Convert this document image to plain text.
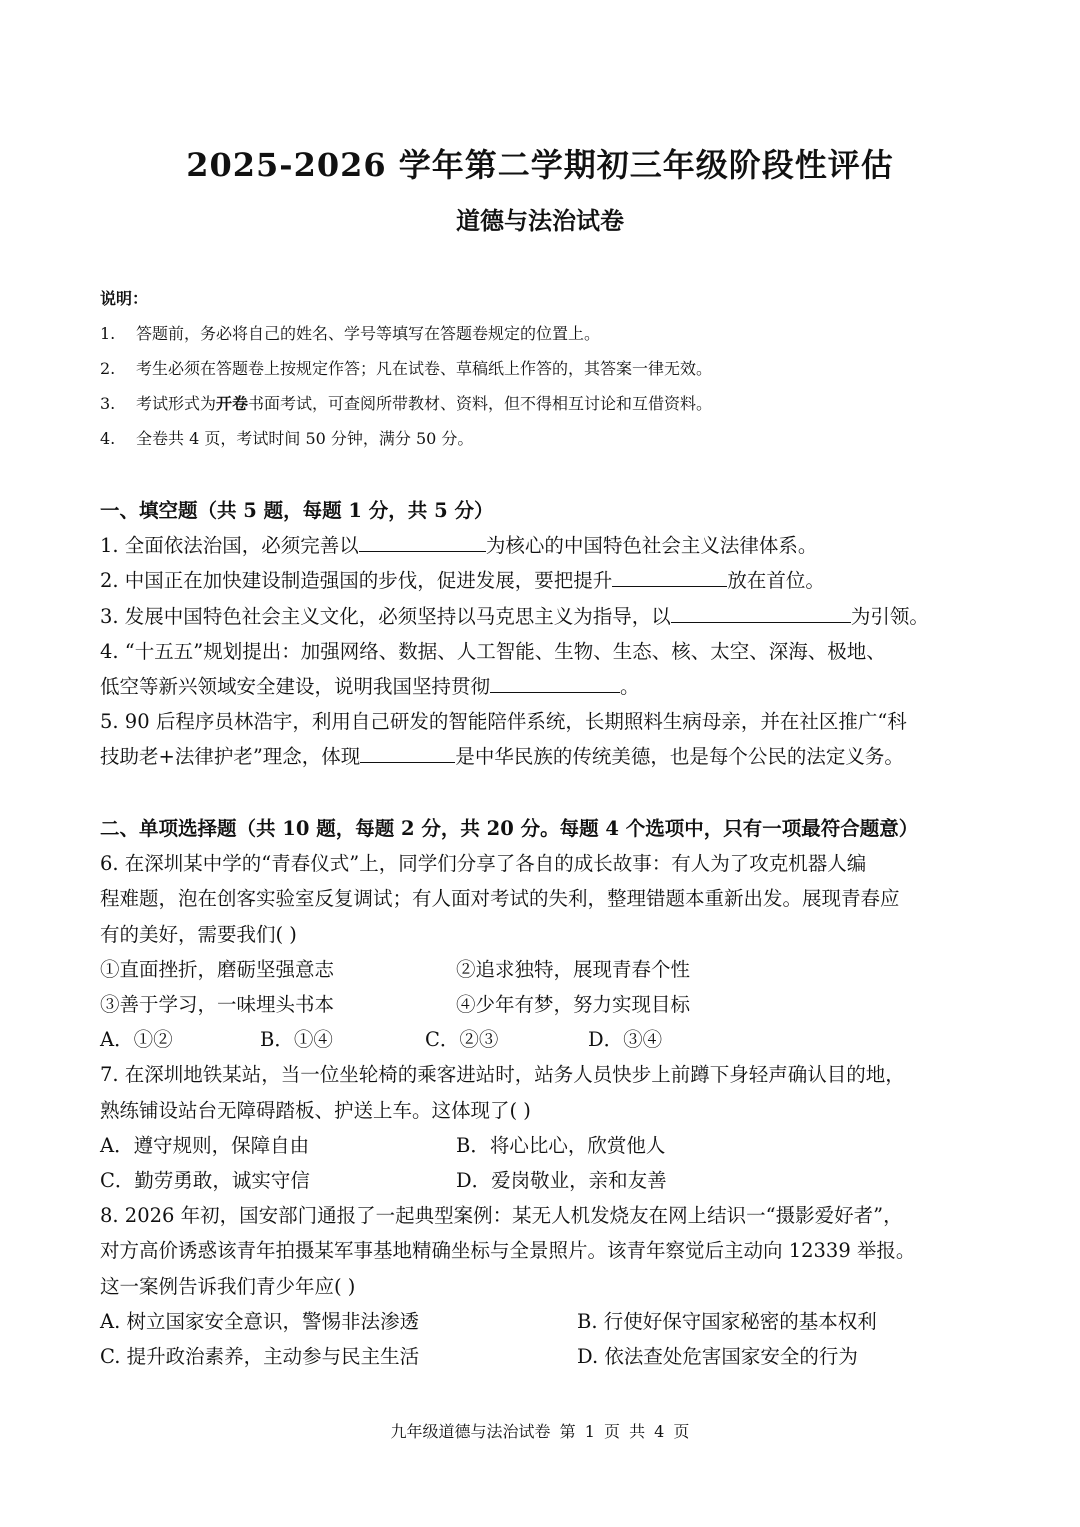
2025-2026 学年第二学期初三年级阶段性评估
道德与法治试卷
说明：
1. 答题前，务必将自己的姓名、学号等填写在答题卷规定的位置上。
2. 考生必须在答题卷上按规定作答；凡在试卷、草稿纸上作答的，其答案一律无效。
3. 考试形式为开卷书面考试，可查阅所带教材、资料，但不得相互讨论和互借资料。
4. 全卷共 4 页，考试时间 50 分钟，满分 50 分。
一、填空题（共 5 题，每题 1 分，共 5 分）
1. 全面依法治国，必须完善以	为核心的中国特色社会主义法律体系。
2. 中国正在加快建设制造强国的步伐，促进发展，要把提升	放在首位。
3. 发展中国特色社会主义文化，必须坚持以马克思主义为指导，以	为引领。
4. “十五五”规划提出：加强网络、数据、人工智能、生物、生态、核、太空、深海、极地、
低空等新兴领域安全建设，说明我国坚持贯彻	。
5. 90 后程序员林浩宇，利用自己研发的智能陪伴系统，长期照料生病母亲，并在社区推广“科
技助老+法律护老”理念，体现	是中华民族的传统美德，也是每个公民的法定义务。
二、单项选择题（共 10 题，每题 2 分，共 20 分。每题 4 个选项中，只有一项最符合题意）
6. 在深圳某中学的“青春仪式”上，同学们分享了各自的成长故事：有人为了攻克机器人编
程难题，泡在创客实验室反复调试；有人面对考试的失利，整理错题本重新出发。展现青春应
有的美好，需要我们( )
①直面挫折，磨砺坚强意志	②追求独特，展现青春个性
③善于学习，一味埋头书本	④少年有梦，努力实现目标
A．①②	B．①④	C．②③	D．③④
7. 在深圳地铁某站，当一位坐轮椅的乘客进站时，站务人员快步上前蹲下身轻声确认目的地，
熟练铺设站台无障碍踏板、护送上车。这体现了( )
A．遵守规则，保障自由	B．将心比心，欣赏他人
C．勤劳勇敢，诚实守信	D．爱岗敬业，亲和友善
8. 2026 年初，国安部门通报了一起典型案例：某无人机发烧友在网上结识一“摄影爱好者”，
对方高价诱惑该青年拍摄某军事基地精确坐标与全景照片。该青年察觉后主动向 12339 举报。
这一案例告诉我们青少年应( )
A. 树立国家安全意识，警惕非法渗透	B. 行使好保守国家秘密的基本权利
C. 提升政治素养，主动参与民主生活	D. 依法查处危害国家安全的行为
九年级道德与法治试卷 第 1 页 共 4 页
